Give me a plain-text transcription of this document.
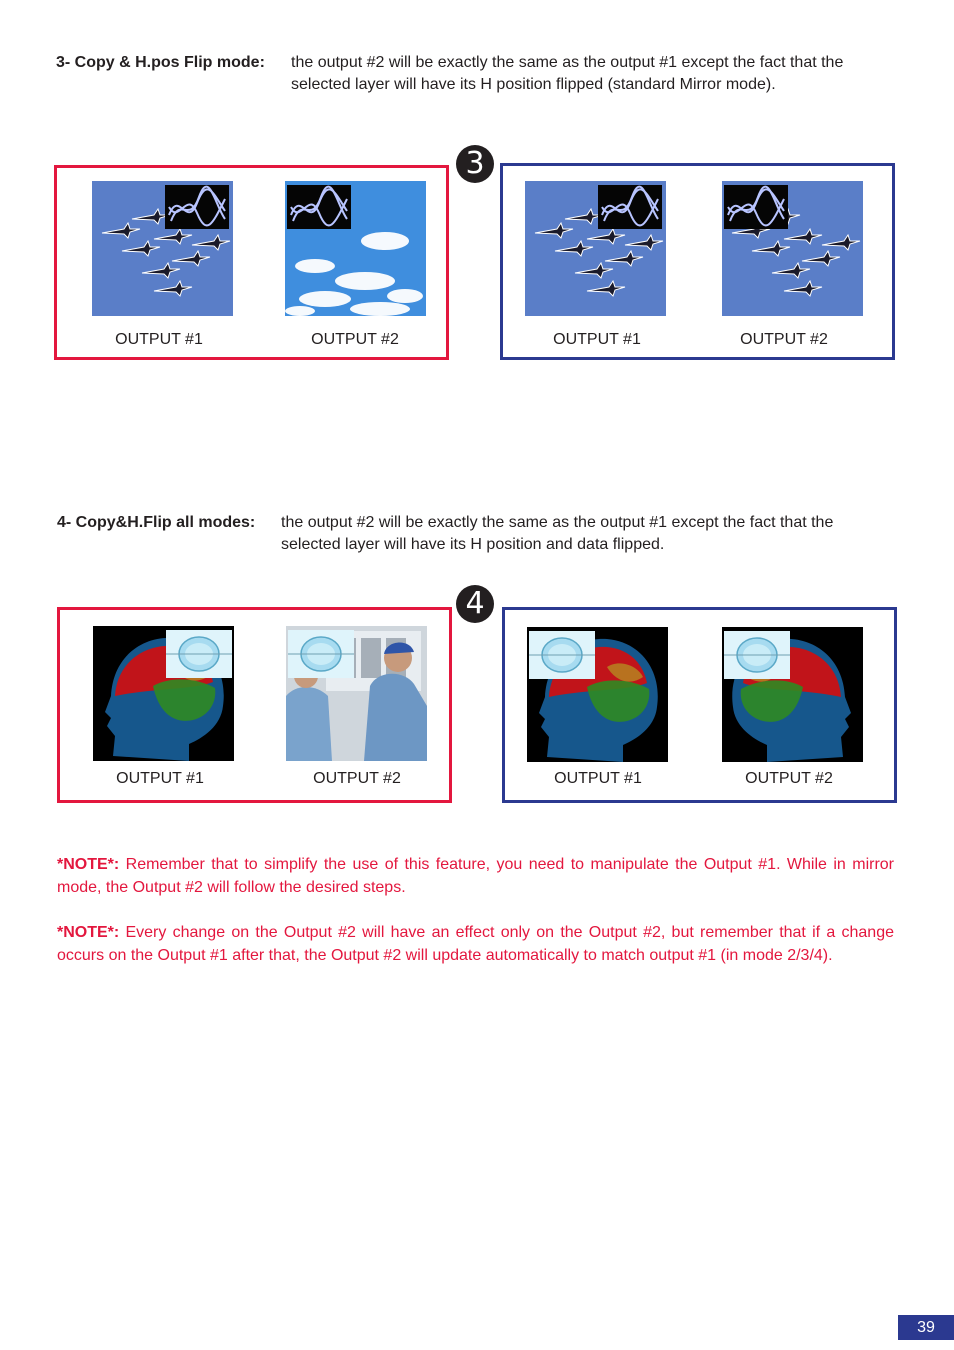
3- Copy & H.pos Flip mode: the output #2 will be exactly the same as the output #1 except the fact that the
selected layer will have its H position flipped (standard Mirror mode).
OUTPUT #1	OUTPUT #2
3
OUTPUT #1	OUTPUT #2
4- Copy&H.Flip all modes: the output #2 will be exactly the same as the output #1 except the fact that the
selected layer will have its H position and data flipped.
OUTPUT #1	OUTPUT #2
4
OUTPUT #1	OUTPUT #2
*NOTE*: Remember that to simplify the use of this feature, you need to manipulate the Output #1. While in mirror mode, the Output #2 will follow the desired steps.
*NOTE*: Every change on the Output #2 will have an effect only on the Output #2, but remember that if a change occurs on the Output #1 after that, the Output #2 will update automatically to match output #1 (in mode 2/3/4).
39
